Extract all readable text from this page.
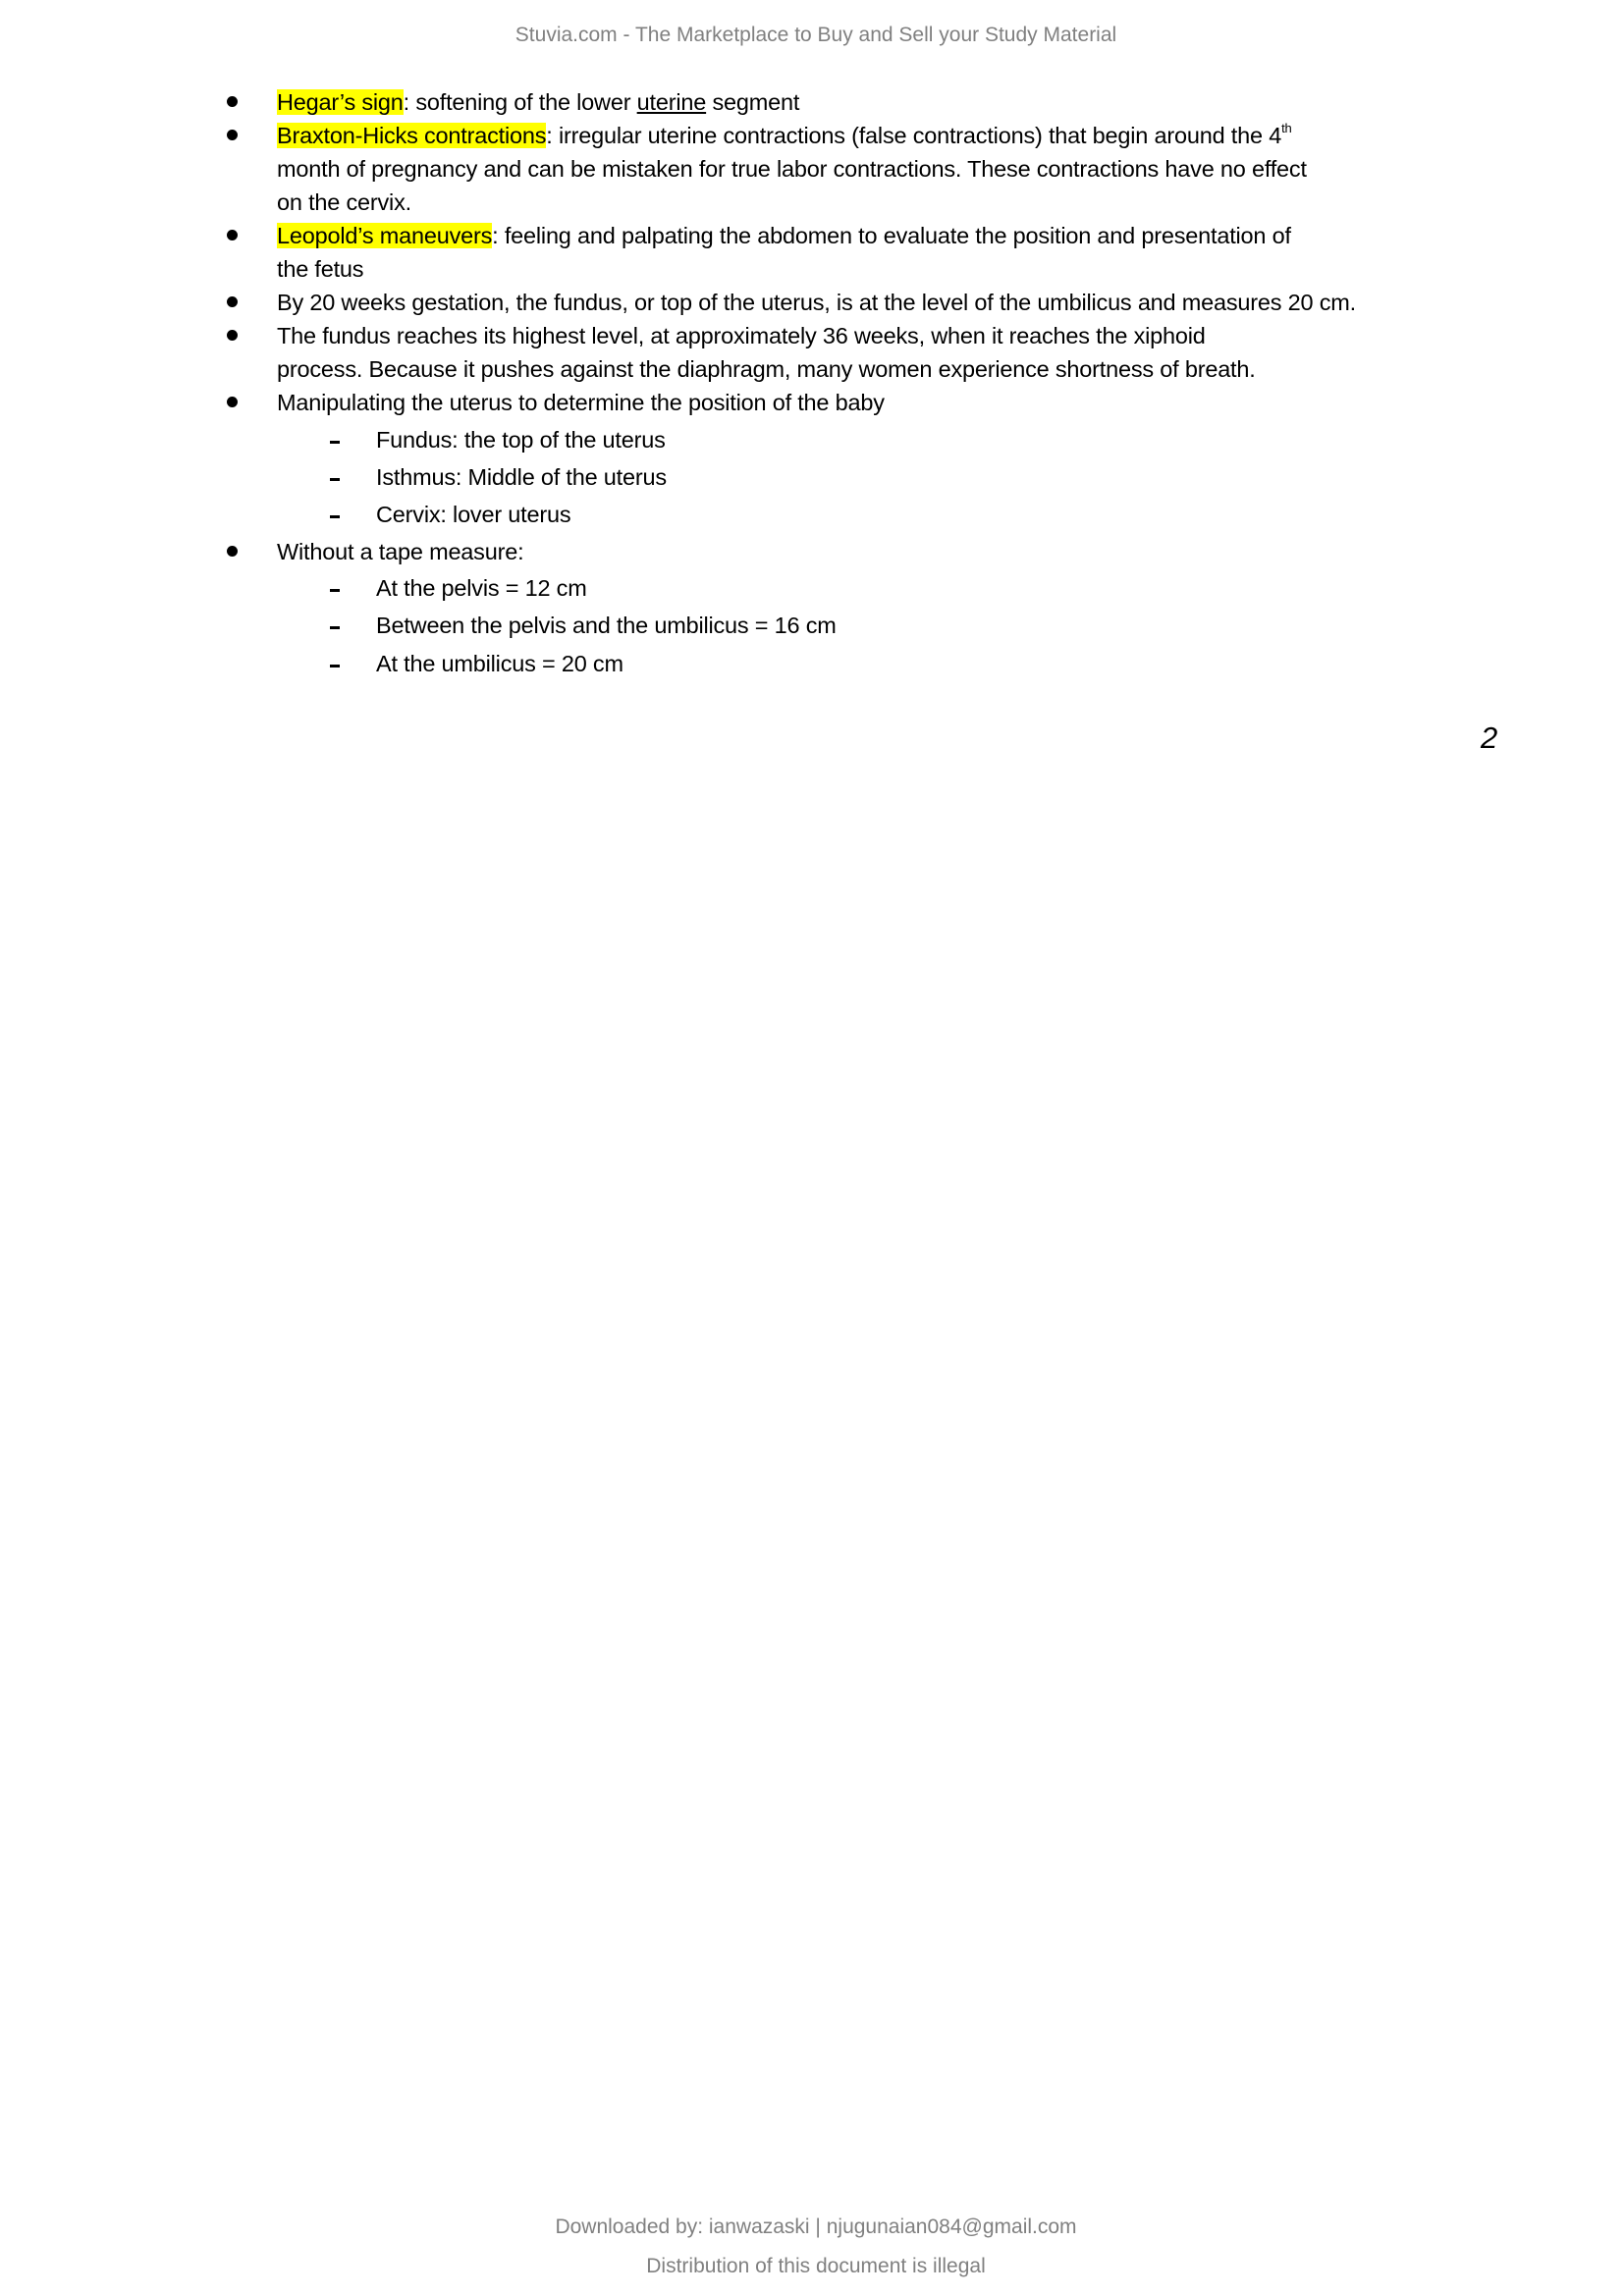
Stuvia.com - The Marketplace to Buy and Sell your Study Material
Hegar’s sign: softening of the lower uterine segment
Braxton-Hicks contractions: irregular uterine contractions (false contractions) that begin around the 4th
month of pregnancy and can be mistaken for true labor contractions. These contractions have no effect
on the cervix.
Leopold’s maneuvers: feeling and palpating the abdomen to evaluate the position and presentation of
the fetus
By 20 weeks gestation, the fundus, or top of the uterus, is at the level of the umbilicus and measures 20 cm.
The fundus reaches its highest level, at approximately 36 weeks, when it reaches the xiphoid
process. Because it pushes against the diaphragm, many women experience shortness of breath.
Manipulating the uterus to determine the position of the baby
Fundus: the top of the uterus
Isthmus: Middle of the uterus
Cervix: lover uterus
Without a tape measure:
At the pelvis = 12 cm
Between the pelvis and the umbilicus = 16 cm
At the umbilicus = 20 cm
2
Downloaded by: ianwazaski | njugunaian084@gmail.com
Distribution of this document is illegal
